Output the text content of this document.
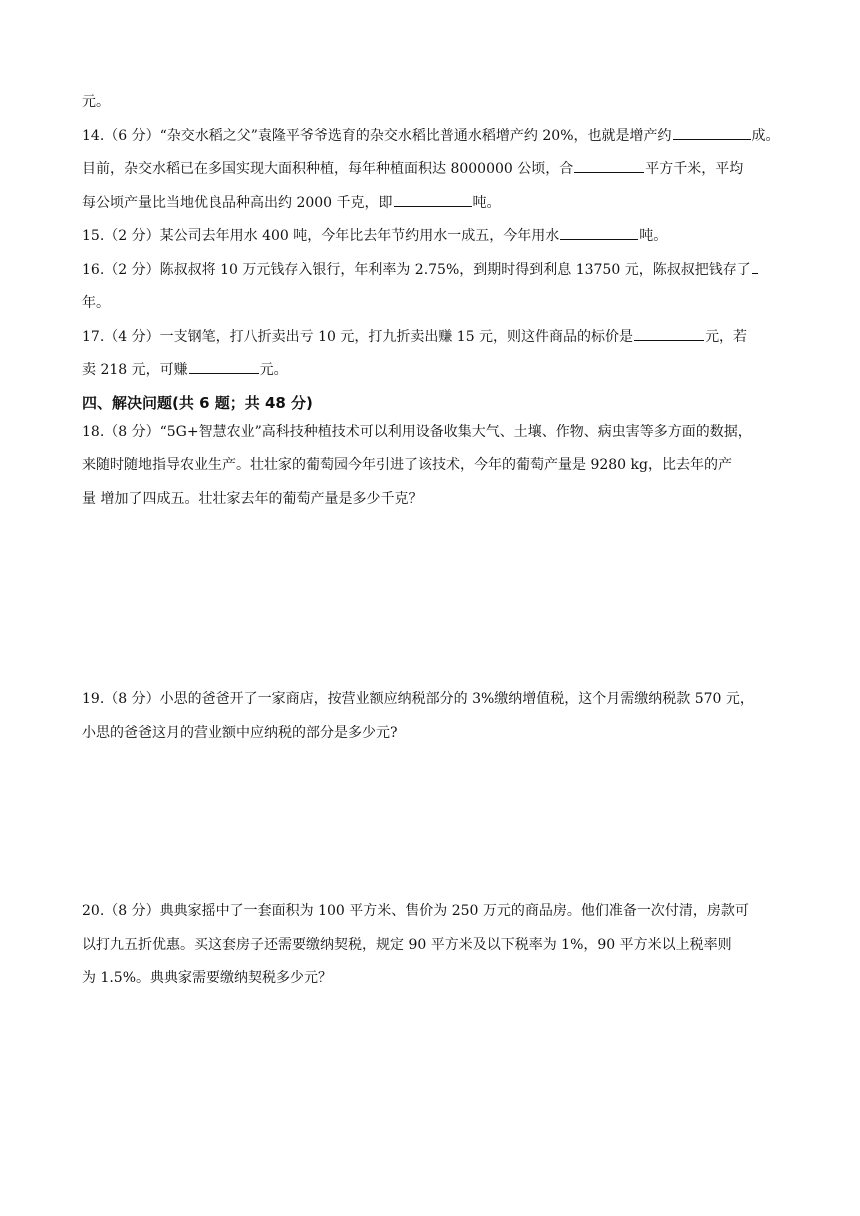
元。
14.（6 分）“杂交水稻之父”袁隆平爷爷选育的杂交水稻比普通水稻增产约 20%，也就是增产约	成。
目前，杂交水稻已在多国实现大面积种植，每年种植面积达 8000000 公顷，合	平方千米，平均
每公顷产量比当地优良品种高出约 2000 千克，即	吨。
15.（2 分）某公司去年用水 400 吨，今年比去年节约用水一成五，今年用水	吨。
16.（2 分）陈叔叔将 10 万元钱存入银行，年利率为 2.75%，到期时得到利息 13750 元，陈叔叔把钱存了
年。
17.（4 分）一支钢笔，打八折卖出亏 10 元，打九折卖出赚 15 元，则这件商品的标价是	元，若
卖 218 元，可赚	元。
四、解决问题(共 6 题；共 48 分)
18.（8 分）“5G+智慧农业”高科技种植技术可以利用设备收集大气、土壤、作物、病虫害等多方面的数据，
来随时随地指导农业生产。壮壮家的葡萄园今年引进了该技术，今年的葡萄产量是 9280 kg，比去年的产
量 增加了四成五。壮壮家去年的葡萄产量是多少千克？
19.（8 分）小思的爸爸开了一家商店，按营业额应纳税部分的 3%缴纳增值税，这个月需缴纳税款 570 元，
小思的爸爸这月的营业额中应纳税的部分是多少元?
20.（8 分）典典家摇中了一套面积为 100 平方米、售价为 250 万元的商品房。他们准备一次付清，房款可
以打九五折优惠。买这套房子还需要缴纳契税，规定 90 平方米及以下税率为 1%，90 平方米以上税率则
为 1.5%。典典家需要缴纳契税多少元？
